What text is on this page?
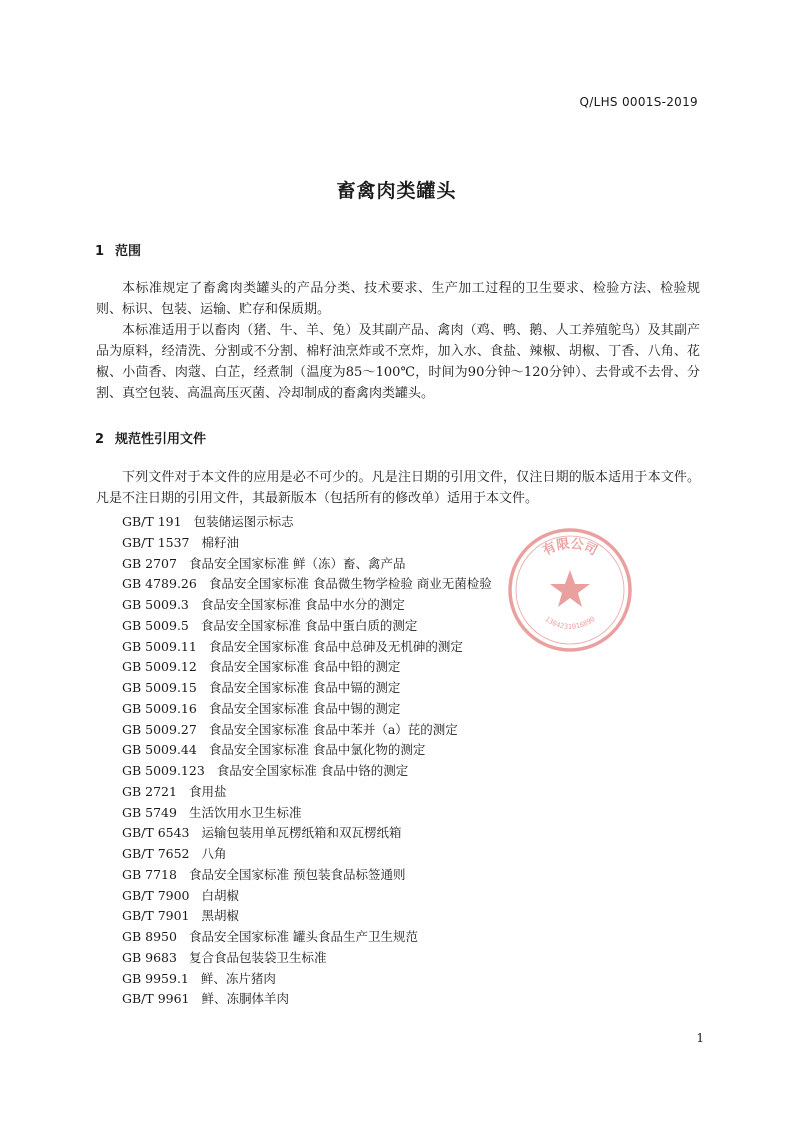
Q/LHS 0001S-2019
畜禽肉类罐头
1 范围

本标准规定了畜禽肉类罐头的产品分类、技术要求、生产加工过程的卫生要求、检验方法、检验规则、标识、包装、运输、贮存和保质期。

本标准适用于以畜肉（猪、牛、羊、兔）及其副产品、禽肉（鸡、鸭、鹅、人工养殖鸵鸟）及其副产品为原料，经清洗、分割或不分割、棉籽油烹炸或不烹炸，加入水、食盐、辣椒、胡椒、丁香、八角、花椒、小茴香、肉蔻、白芷，经煮制（温度为85～100℃，时间为90分钟～120分钟）、去骨或不去骨、分割、真空包装、高温高压灭菌、冷却制成的畜禽肉类罐头。

2 规范性引用文件

下列文件对于本文件的应用是必不可少的。凡是注日期的引用文件，仅注日期的版本适用于本文件。凡是不注日期的引用文件，其最新版本（包括所有的修改单）适用于本文件。

GB/T 191 包装储运图示标志
GB/T 1537 棉籽油
GB 2707 食品安全国家标准 鲜（冻）畜、禽产品
GB 4789.26 食品安全国家标准 食品微生物学检验 商业无菌检验
GB 5009.3 食品安全国家标准 食品中水分的测定
GB 5009.5 食品安全国家标准 食品中蛋白质的测定
GB 5009.11 食品安全国家标准 食品中总砷及无机砷的测定
GB 5009.12 食品安全国家标准 食品中铅的测定
GB 5009.15 食品安全国家标准 食品中镉的测定
GB 5009.16 食品安全国家标准 食品中锡的测定
GB 5009.27 食品安全国家标准 食品中苯并（a）芘的测定
GB 5009.44 食品安全国家标准 食品中氯化物的测定
GB 5009.123 食品安全国家标准 食品中铬的测定
GB 2721 食用盐
GB 5749 生活饮用水卫生标准
GB/T 6543 运输包装用单瓦楞纸箱和双瓦楞纸箱
GB/T 7652 八角
GB 7718 食品安全国家标准 预包装食品标签通则
GB/T 7900 白胡椒
GB/T 7901 黑胡椒
GB 8950 食品安全国家标准 罐头食品生产卫生规范
GB 9683 复合食品包装袋卫生标准
GB 9959.1 鲜、冻片猪肉
GB/T 9961 鲜、冻胴体羊肉
有限公司
1304231016890
1
